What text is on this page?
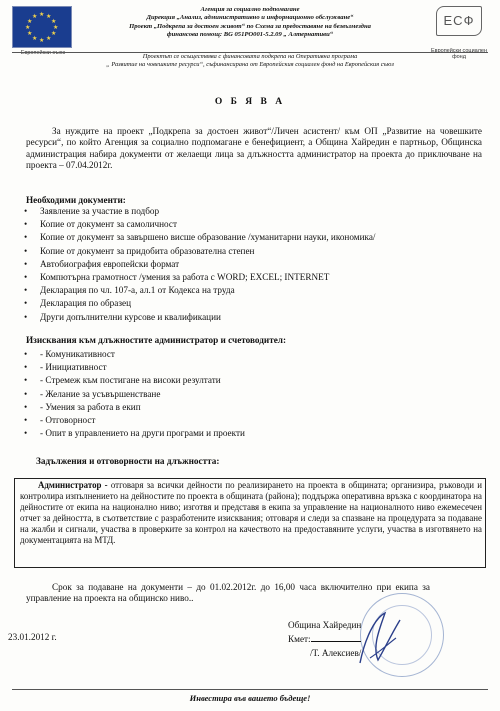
★ ★
★
★
★
★
★
★
★
★
★
★
Европейски съюз
ЕСФ
Европейски социален фонд
Агенция за социално подпомагане
Дирекция „Анализ, административно и информационно обслужване“
Проект „Подкрепа за достоен живот“ по Схема за предоставяне на безвъзмездна
финансова помощ: BG 051PO001-5.2.09 „ Алтернативи“
Проектът се осъществява с финансовата подкрепа на Оперативна програма
„ Развитие на човешките ресурси“, съфинансирана от Европейския социален фонд на Европейския съюз
О Б Я В А
За нуждите на проект „Подкрепа за достоен живот“/Личен асистент/ към ОП „Развитие на човешките ресурси“, по който Агенция за социално подпомагане е бенефициент, а Община Хайредин е партньор, Общинска администрация набира документи от желаещи лица за длъжността администратор на проекта до приключване на проекта – 07.04.2012г.
Необходими документи:
• Заявление за участие в подбор
• Копие от документ за самоличност
• Копие от документ за завършено висше образование /хуманитарни науки, икономика/
• Копие от документ за придобита образователна степен
• Автобиография европейски формат
• Компютърна грамотност /умения за работа с WORD; EXCEL; INTERNET
• Декларация по чл. 107-а, ал.1 от Кодекса на труда
• Декларация по образец
• Други допълнителни курсове и квалификации
Изисквания към длъжностите администратор и счетоводител:
• - Комуникативност
• - Инициативност
• - Стремеж към постигане на високи резултати
• - Желание за усъвършенстване
• - Умения за работа в екип
• - Отговорност
• - Опит в управлението на други програми и проекти
Задължения и отговорности на длъжността:
Администратор - отговаря за всички дейности по реализирането на проекта в общината; организира, ръководи и контролира изпълнението на дейностите по проекта в общината (района); поддържа оперативна връзка с координатора на дейностите от екипа на национално ниво; изготвя и представя в екипа за управление на националното ниво ежемесечен отчет за дейността, в съответствие с разработените изисквания; отговаря и следи за спазване на процедурата за подаване на жалби и сигнали, участва в проверките за контрол на качеството на предоставяните услуги, участва в изготвянето на документацията на МТД.
Срок за подаване на документи – до 01.02.2012г. до 16,00 часа включително при екипа за управление на проекта на общинско ниво..
23.01.2012 г.
Община Хайредин
Кмет:
/Т. Алексиев/
Инвестира във вашето бъдеще!
